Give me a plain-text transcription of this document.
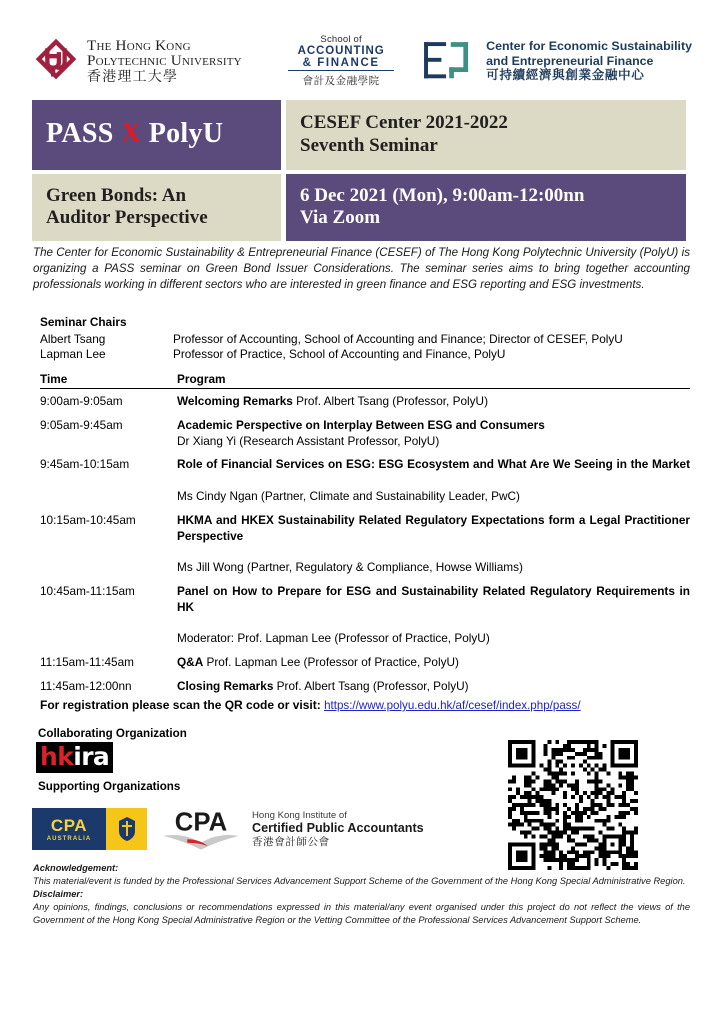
The Hong Kong
Polytechnic University
香港理工大學
School of
ACCOUNTING
& FINANCE
會計及金融學院
Center for Economic Sustainability
and Entrepreneurial Finance
可持續經濟與創業金融中心
PASS X PolyU	CESEF Center 2021-2022
Seventh Seminar
Green Bonds: An
Auditor Perspective
6 Dec 2021 (Mon), 9:00am-12:00nn
Via Zoom
The Center for Economic Sustainability & Entrepreneurial Finance (CESEF) of The Hong Kong Polytechnic University (PolyU) is organizing a PASS seminar on Green Bond Issuer Considerations. The seminar series aims to bring together accounting professionals working in different sectors who are interested in green finance and ESG reporting and ESG investments.
Seminar Chairs
Albert Tsang	Professor of Accounting, School of Accounting and Finance; Director of CESEF, PolyU
Lapman Lee	Professor of Practice, School of Accounting and Finance, PolyU
Time	Program
9:00am-9:05am	Welcoming Remarks Prof. Albert Tsang (Professor, PolyU)
9:05am-9:45am	Academic Perspective on Interplay Between ESG and Consumers
Dr Xiang Yi (Research Assistant Professor, PolyU)
9:45am-10:15am	Role of Financial Services on ESG: ESG Ecosystem and What Are We Seeing in the Market
Ms Cindy Ngan (Partner, Climate and Sustainability Leader, PwC)
10:15am-10:45am	HKMA and HKEX Sustainability Related Regulatory Expectations form a Legal Practitioner Perspective
Ms Jill Wong (Partner, Regulatory & Compliance, Howse Williams)
10:45am-11:15am	Panel on How to Prepare for ESG and Sustainability Related Regulatory Requirements in HK
Moderator: Prof. Lapman Lee (Professor of Practice, PolyU)
11:15am-11:45am	Q&A Prof. Lapman Lee (Professor of Practice, PolyU)
11:45am-12:00nn	Closing Remarks Prof. Albert Tsang (Professor, PolyU)
For registration please scan the QR code or visit: https://www.polyu.edu.hk/af/cesef/index.php/pass/
Collaborating Organization
hkira
Supporting Organizations
CPA
AUSTRALIA
CPA	Hong Kong Institute of
Certified Public Accountants
香港會計師公會
Acknowledgement:
This material/event is funded by the Professional Services Advancement Support Scheme of the Government of the Hong Kong Special Administrative Region.
Disclaimer:
Any opinions, findings, conclusions or recommendations expressed in this material/any event organised under this project do not reflect the views of the Government of the Hong Kong Special Administrative Region or the Vetting Committee of the Professional Services Advancement Support Scheme.
